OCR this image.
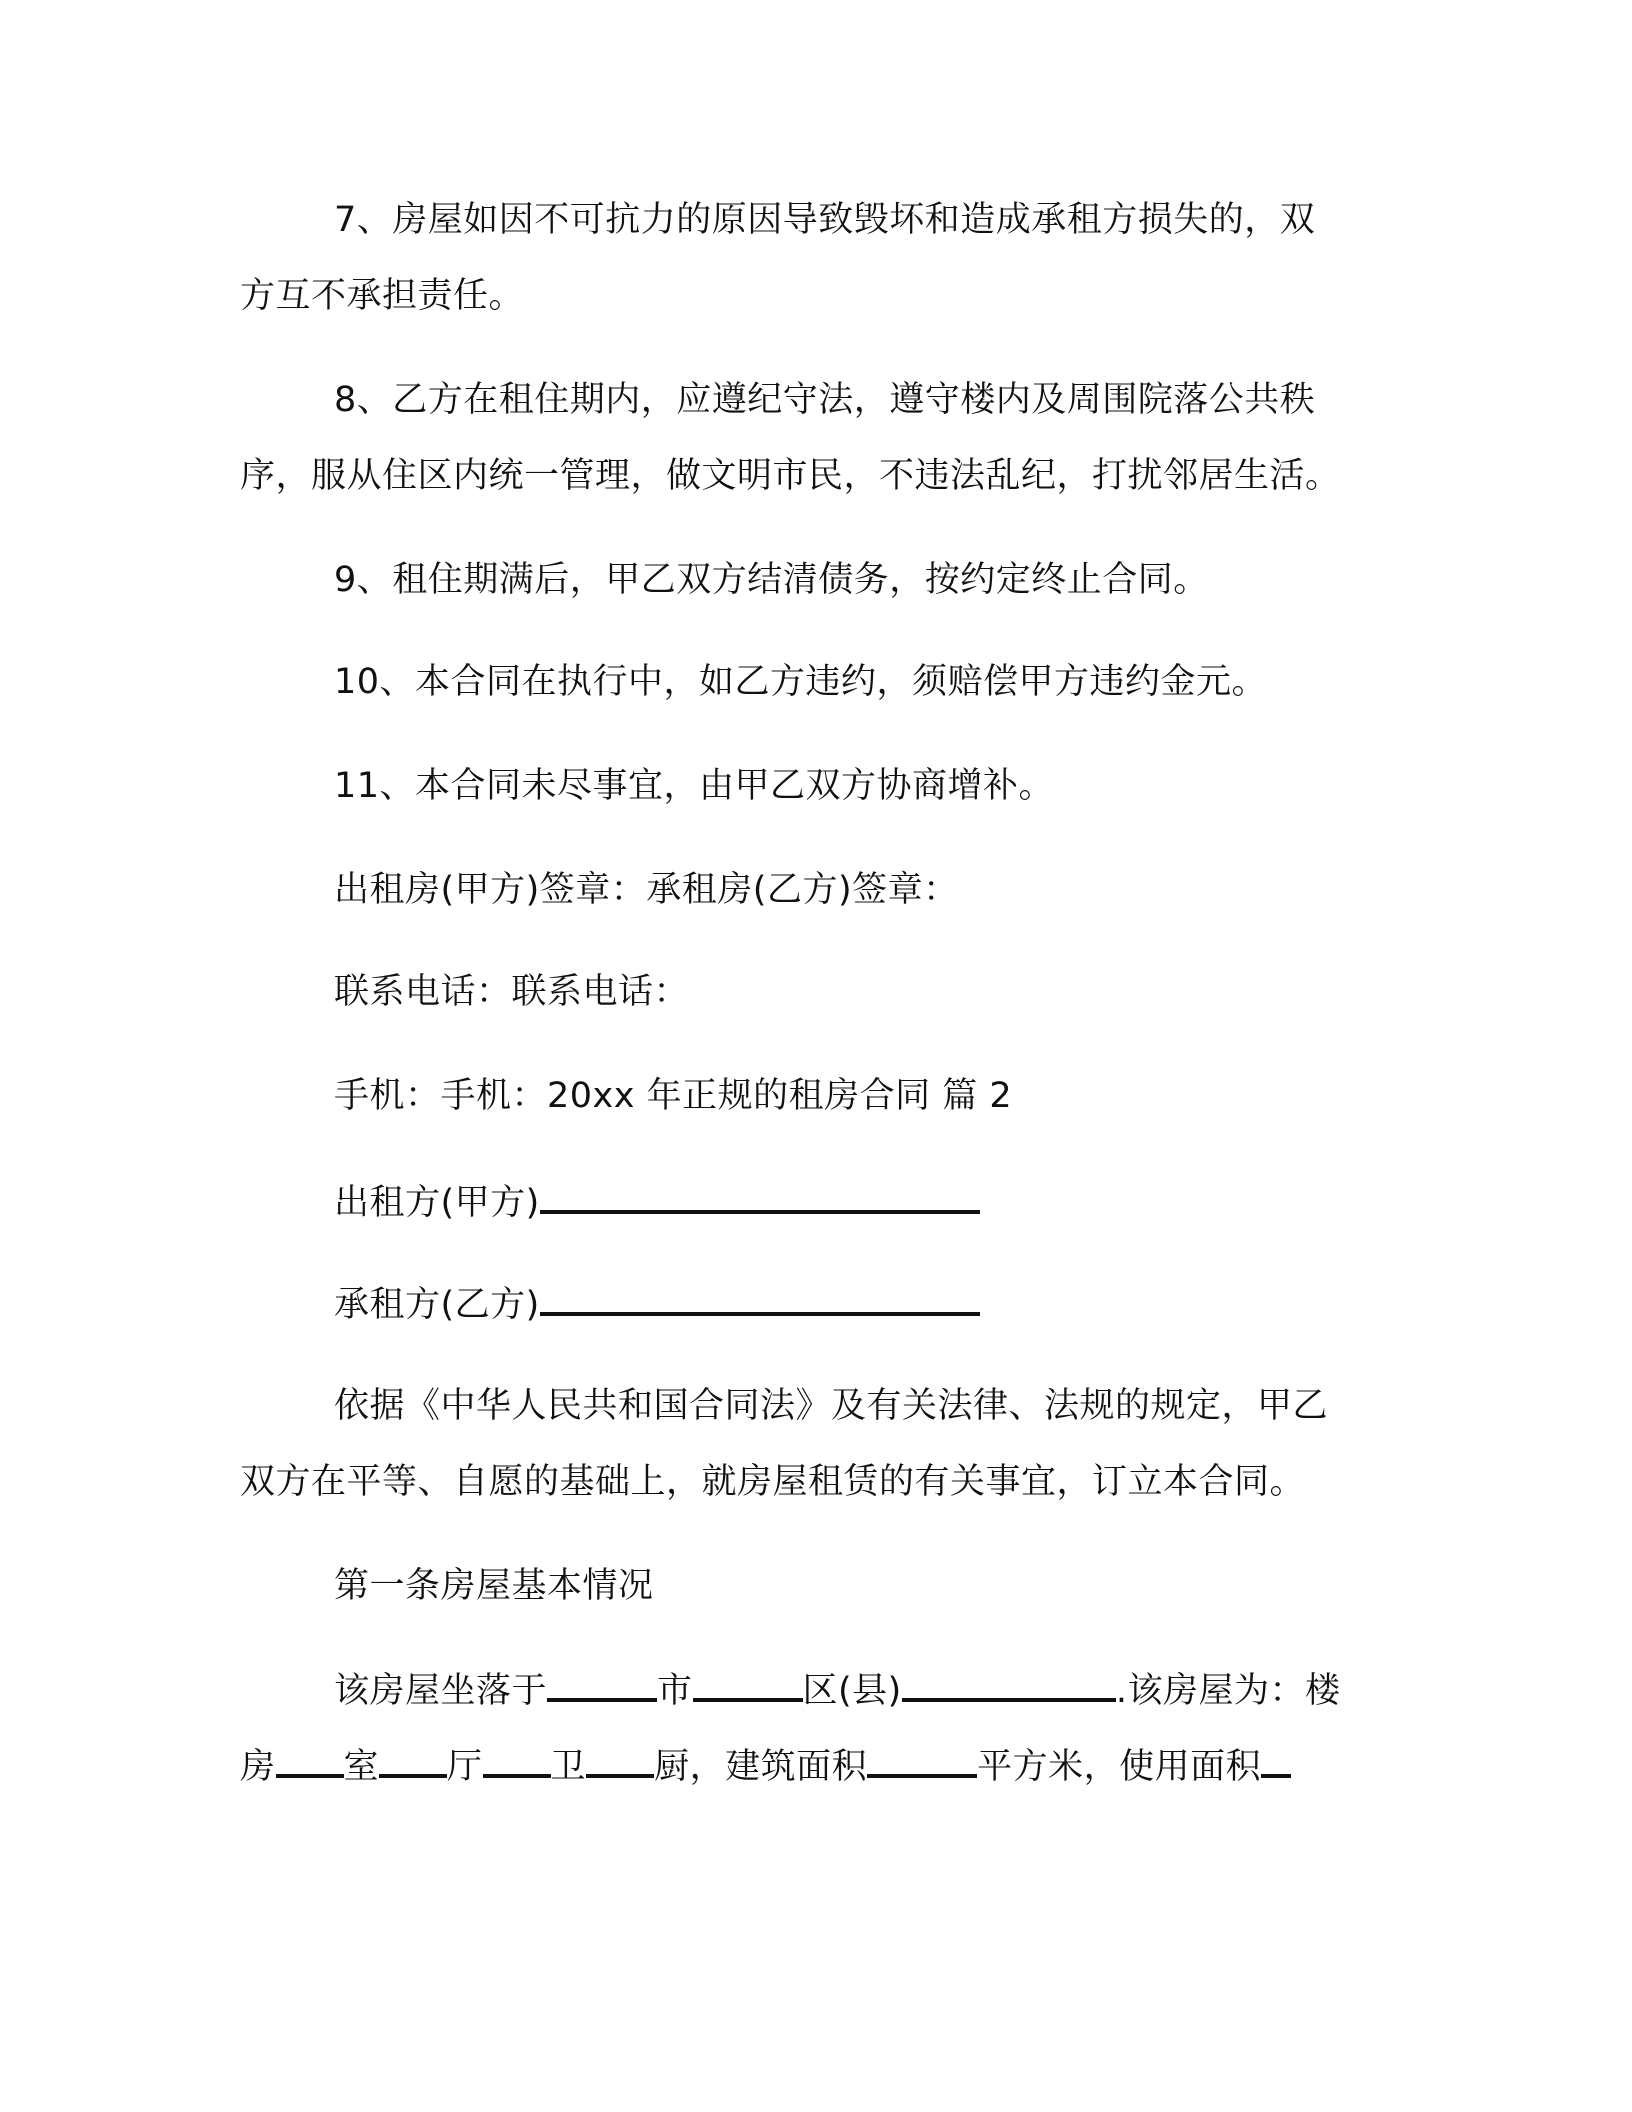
7、房屋如因不可抗力的原因导致毁坏和造成承租方损失的，双
方互不承担责任。
8、乙方在租住期内，应遵纪守法，遵守楼内及周围院落公共秩
序，服从住区内统一管理，做文明市民，不违法乱纪，打扰邻居生活。
9、租住期满后，甲乙双方结清债务，按约定终止合同。
10、本合同在执行中，如乙方违约，须赔偿甲方违约金元。
11、本合同未尽事宜，由甲乙双方协商增补。
出租房(甲方)签章：承租房(乙方)签章：
联系电话：联系电话：
手机：手机：20xx 年正规的租房合同 篇 2
出租方(甲方)
承租方(乙方)
依据《中华人民共和国合同法》及有关法律、法规的规定，甲乙
双方在平等、自愿的基础上，就房屋租赁的有关事宜，订立本合同。
第一条房屋基本情况
该房屋坐落于	市	区(县)	.该房屋为：楼
房 室 厅 卫 厨，建筑面积	平方米，使用面积
